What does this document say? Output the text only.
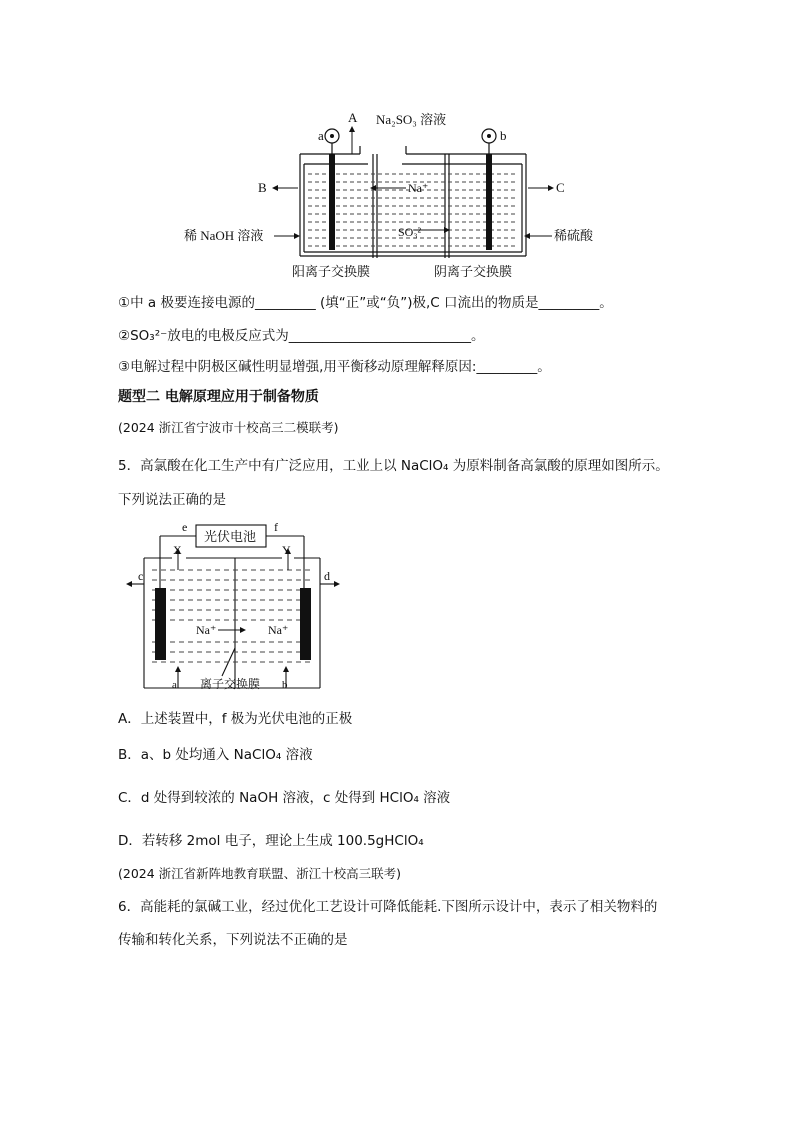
a	b
A Na₂SO₃ 溶液
B	C
Na⁺
SO₃²⁻
稀 NaOH 溶液	稀硫酸
阳离子交换膜	阴离子交换膜
①中 a 极要连接电源的_________ (填“正”或“负”)极,C 口流出的物质是_________。
②SO₃²⁻放电的电极反应式为___________________________。
③电解过程中阴极区碱性明显增强,用平衡移动原理解释原因:_________。
题型二 电解原理应用于制备物质
(2024 浙江省宁波市十校高三二模联考)
5．高氯酸在化工生产中有广泛应用，工业上以 NaClO₄ 为原料制备高氯酸的原理如图所示。
下列说法正确的是
光伏电池
e	f
X	Y
c	d
Na⁺	Na⁺
a	b
离子交换膜
A．上述装置中，f 极为光伏电池的正极
B．a、b 处均通入 NaClO₄ 溶液
C．d 处得到较浓的 NaOH 溶液，c 处得到 HClO₄ 溶液
D．若转移 2mol 电子，理论上生成 100.5gHClO₄
(2024 浙江省新阵地教育联盟、浙江十校高三联考)
6．高能耗的氯碱工业，经过优化工艺设计可降低能耗.下图所示设计中，表示了相关物料的
传输和转化关系，下列说法不正确的是
